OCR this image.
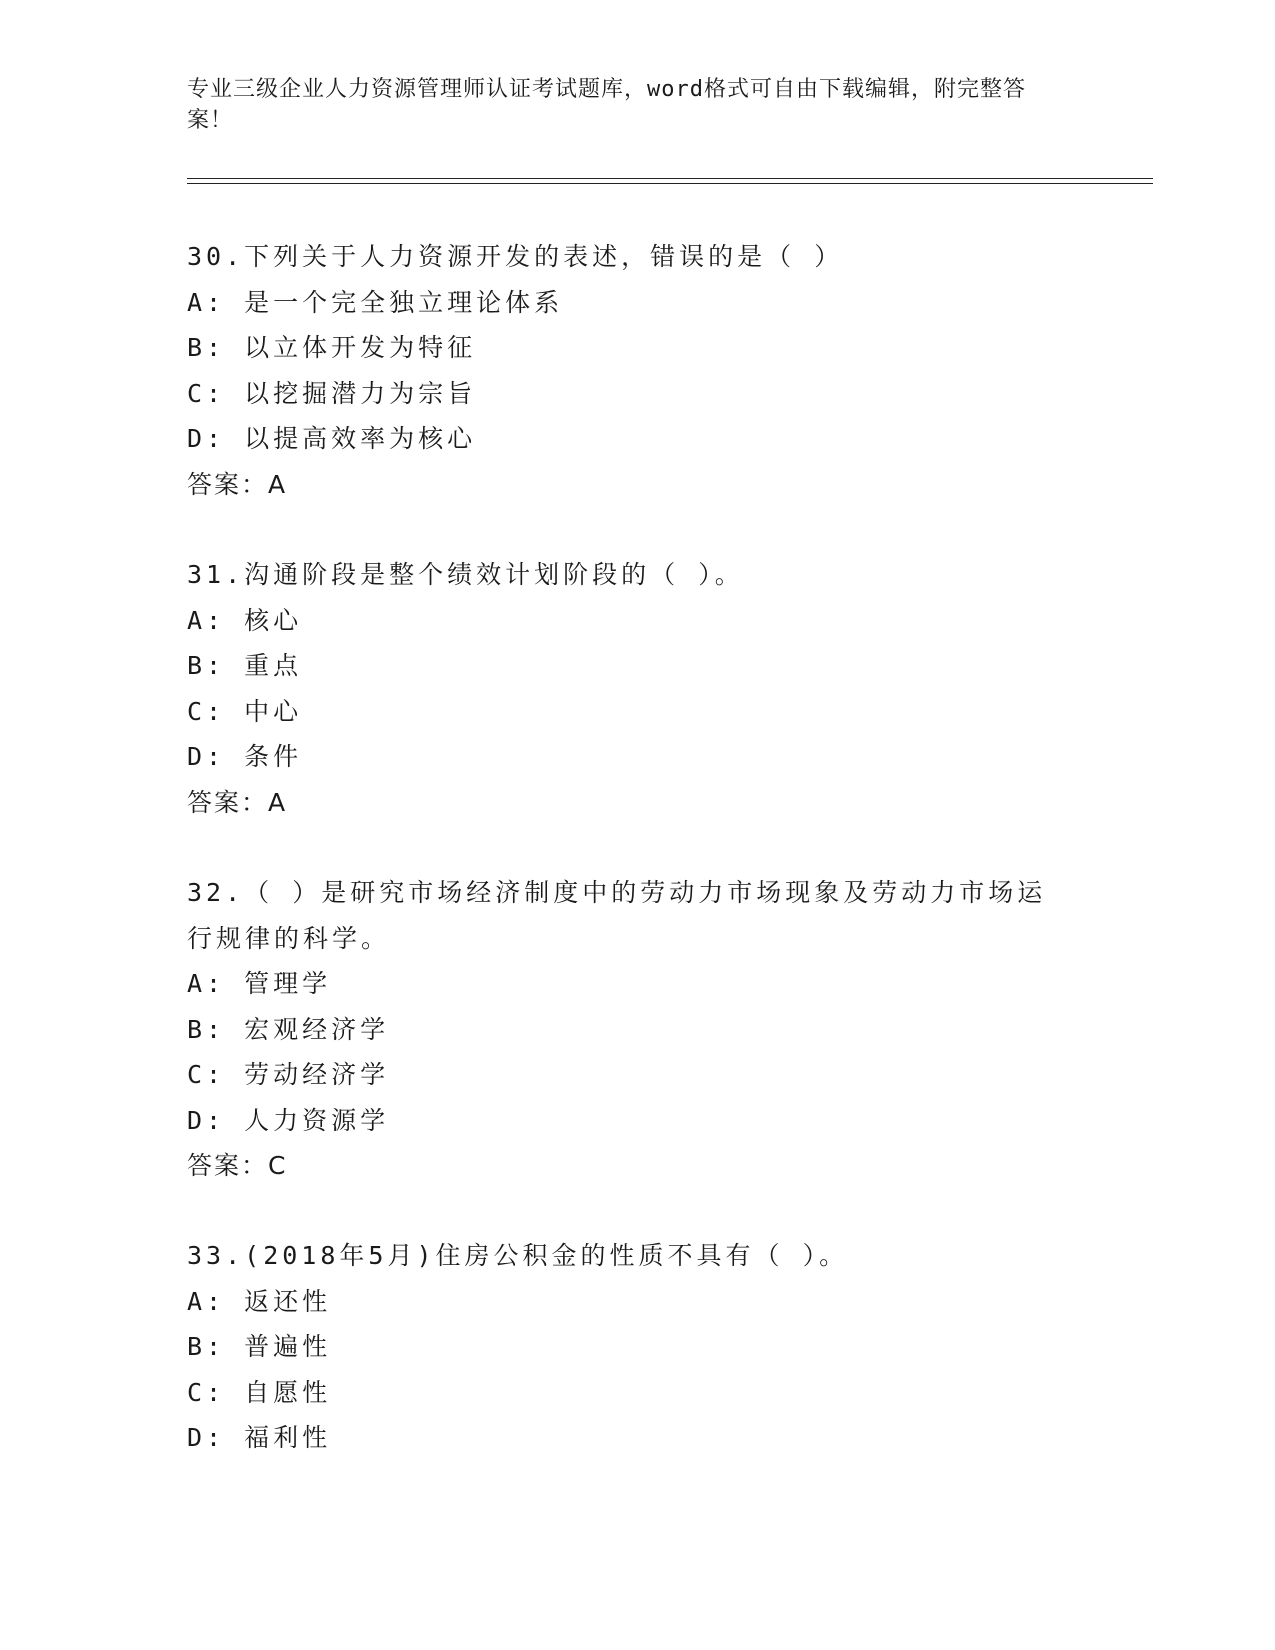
专业三级企业人力资源管理师认证考试题库，word格式可自由下载编辑，附完整答案！
30.下列关于人力资源开发的表述，错误的是（ ）
A: 是一个完全独立理论体系
B: 以立体开发为特征
C: 以挖掘潜力为宗旨
D: 以提高效率为核心
答案：A
31.沟通阶段是整个绩效计划阶段的（ ）。
A: 核心
B: 重点
C: 中心
D: 条件
答案：A
32.（ ）是研究市场经济制度中的劳动力市场现象及劳动力市场运
行规律的科学。
A: 管理学
B: 宏观经济学
C: 劳动经济学
D: 人力资源学
答案：C
33.(2018年5月)住房公积金的性质不具有（ ）。
A: 返还性
B: 普遍性
C: 自愿性
D: 福利性
